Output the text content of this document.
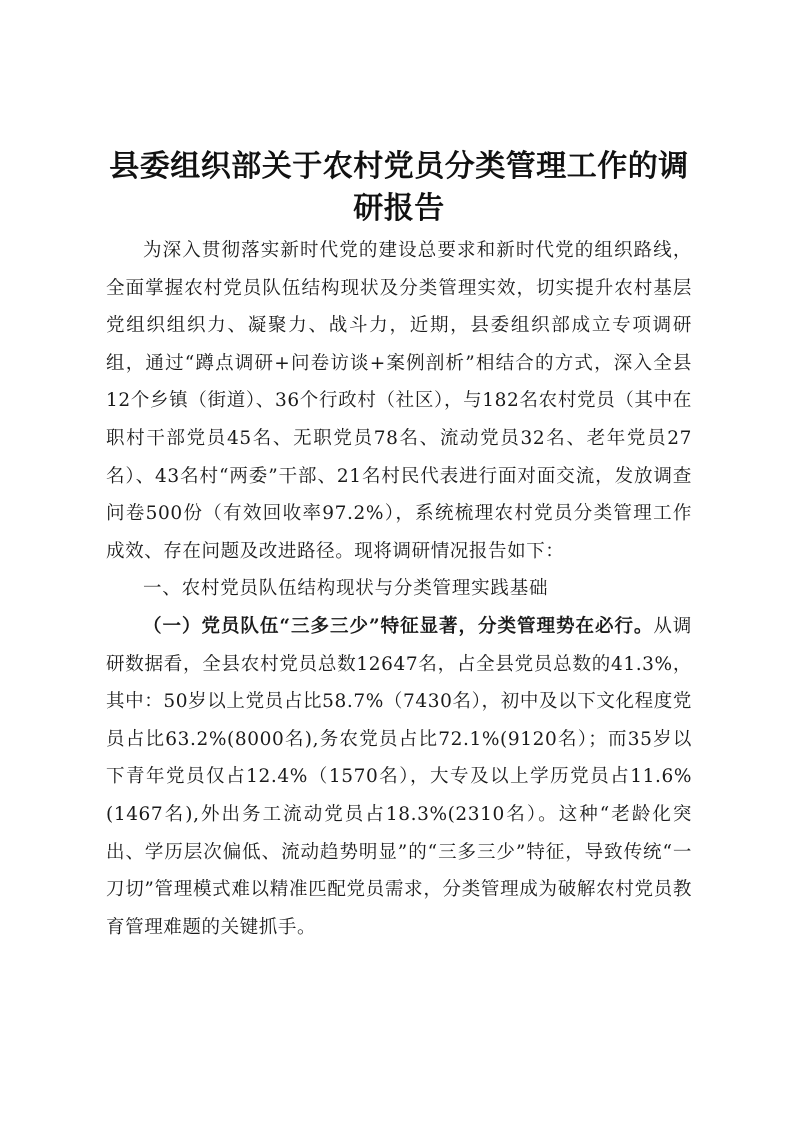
县委组织部关于农村党员分类管理工作的调研报告

为深入贯彻落实新时代党的建设总要求和新时代党的组织路线，全面掌握农村党员队伍结构现状及分类管理实效，切实提升农村基层党组织组织力、凝聚力、战斗力，近期，县委组织部成立专项调研组，通过“蹲点调研+问卷访谈+案例剖析”相结合的方式，深入全县12个乡镇（街道）、36个行政村（社区），与182名农村党员（其中在职村干部党员45名、无职党员78名、流动党员32名、老年党员27名）、43名村“两委”干部、21名村民代表进行面对面交流，发放调查问卷500份（有效回收率97.2%），系统梳理农村党员分类管理工作成效、存在问题及改进路径。现将调研情况报告如下：

一、农村党员队伍结构现状与分类管理实践基础

（一）党员队伍“三多三少”特征显著，分类管理势在必行。从调研数据看，全县农村党员总数12647名，占全县党员总数的41.3%，其中：50岁以上党员占比58.7%（7430名），初中及以下文化程度党员占比63.2%(8000名),务农党员占比72.1%(9120名）；而35岁以下青年党员仅占12.4%（1570名），大专及以上学历党员占11.6%(1467名),外出务工流动党员占18.3%(2310名）。这种“老龄化突出、学历层次偏低、流动趋势明显”的“三多三少”特征，导致传统“一刀切”管理模式难以精准匹配党员需求，分类管理成为破解农村党员教育管理难题的关键抓手。
